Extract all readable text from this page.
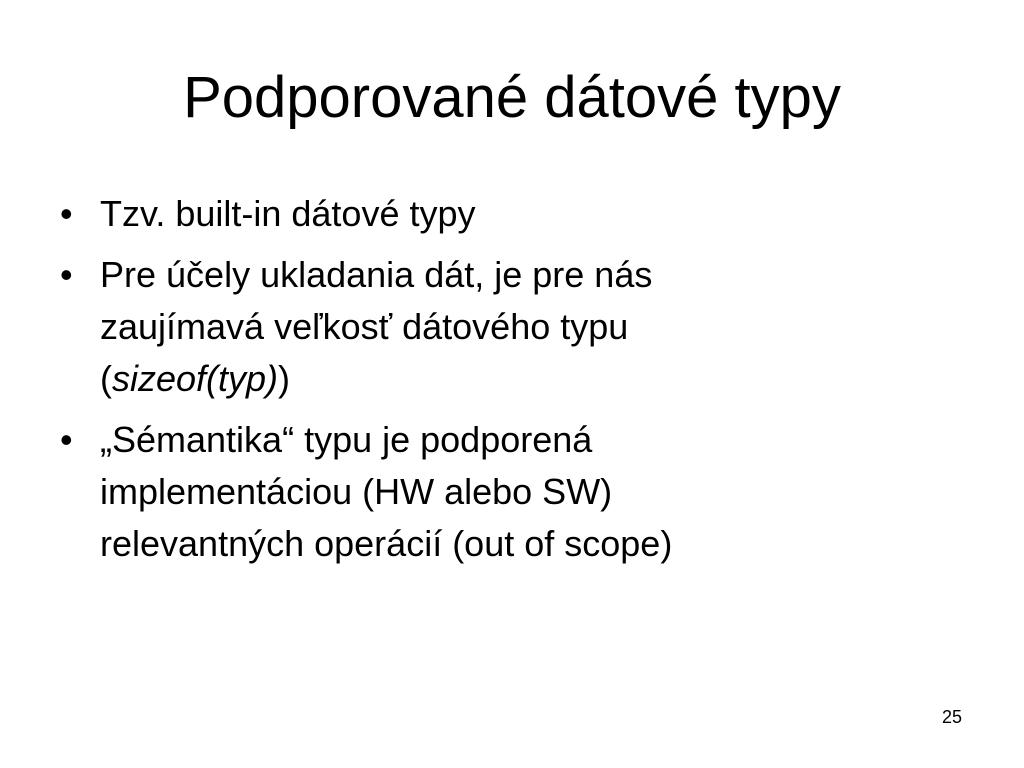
Podporované dátové typy
• Tzv. built-in dátové typy
• Pre účely ukladania dát, je pre nás
zaujímavá veľkosť dátového typu
(sizeof(typ))
• „Sémantika“ typu je podporená
implementáciou (HW alebo SW)
relevantných operácií (out of scope)
25
